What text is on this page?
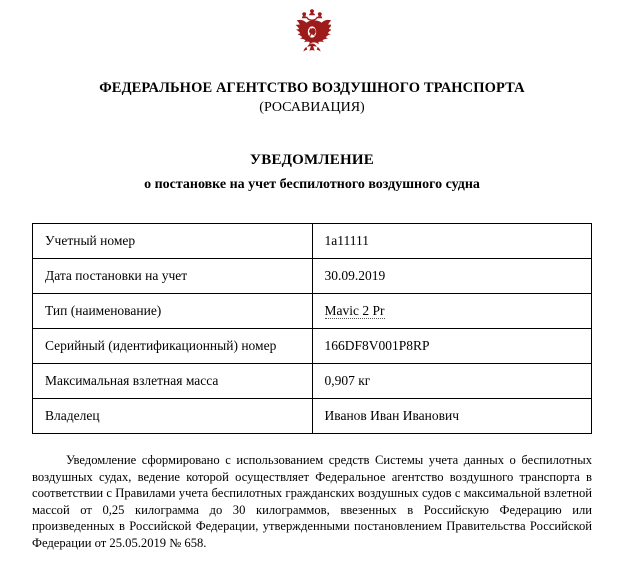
ФЕДЕРАЛЬНОЕ АГЕНТСТВО ВОЗДУШНОГО ТРАНСПОРТА
(РОСАВИАЦИЯ)
УВЕДОМЛЕНИЕ
о постановке на учет беспилотного воздушного судна
Учетный номер	1a11111
Дата постановки на учет	30.09.2019
Тип (наименование)	Mavic 2 Pr
Серийный (идентификационный) номер	166DF8V001P8RP
Максимальная взлетная масса	0,907 кг
Владелец	Иванов Иван Иванович
Уведомление сформировано с использованием средств Системы учета данных о беспилотных воздушных судах, ведение которой осуществляет Федеральное агентство воздушного транспорта в соответствии с Правилами учета беспилотных гражданских воздушных судов с максимальной взлетной массой от 0,25 килограмма до 30 килограммов, ввезенных в Российскую Федерацию или произведенных в Российской Федерации, утвержденными постановлением Правительства Российской Федерации от 25.05.2019 № 658.
